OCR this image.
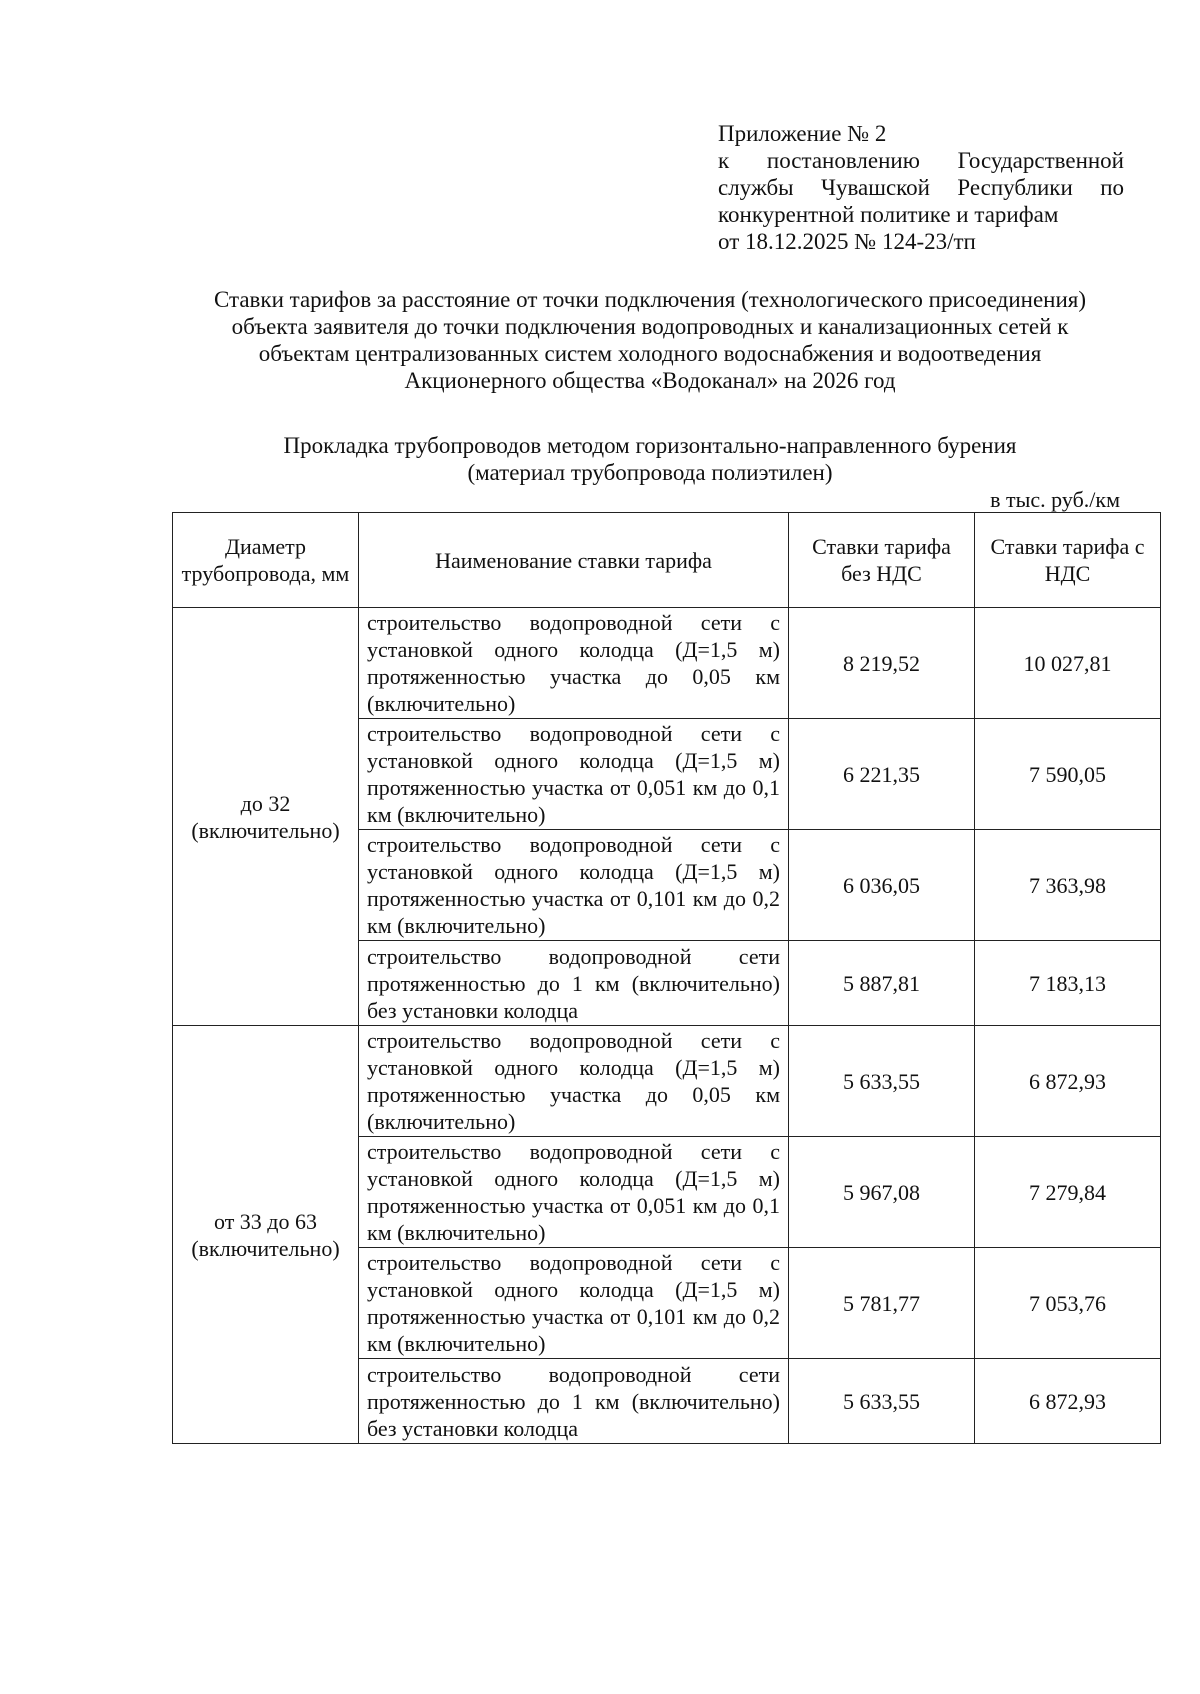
Приложение № 2
к постановлению Государственной
службы Чувашской Республики по
конкурентной политике и тарифам
от 18.12.2025 № 124-23/тп
Ставки тарифов за расстояние от точки подключения (технологического присоединения)
объекта заявителя до точки подключения водопроводных и канализационных сетей к
объектам централизованных систем холодного водоснабжения и водоотведения
Акционерного общества «Водоканал» на 2026 год
Прокладка трубопроводов методом горизонтально-направленного бурения
(материал трубопровода полиэтилен)
в тыс. руб./км
Диаметр трубопровода, мм	Наименование ставки тарифа	Ставки тарифа без НДС	Ставки тарифа с НДС
до 32 (включительно)	строительство водопроводной сети с установкой одного колодца (Д=1,5 м) протяженностью участка до 0,05 км (включительно)	8 219,52	10 027,81
	строительство водопроводной сети с установкой одного колодца (Д=1,5 м) протяженностью участка от 0,051 км до 0,1 км (включительно)	6 221,35	7 590,05
	строительство водопроводной сети с установкой одного колодца (Д=1,5 м) протяженностью участка от 0,101 км до 0,2 км (включительно)	6 036,05	7 363,98
	строительство водопроводной сети протяженностью до 1 км (включительно) без установки колодца	5 887,81	7 183,13
от 33 до 63 (включительно)	строительство водопроводной сети с установкой одного колодца (Д=1,5 м) протяженностью участка до 0,05 км (включительно)	5 633,55	6 872,93
	строительство водопроводной сети с установкой одного колодца (Д=1,5 м) протяженностью участка от 0,051 км до 0,1 км (включительно)	5 967,08	7 279,84
	строительство водопроводной сети с установкой одного колодца (Д=1,5 м) протяженностью участка от 0,101 км до 0,2 км (включительно)	5 781,77	7 053,76
	строительство водопроводной сети протяженностью до 1 км (включительно) без установки колодца	5 633,55	6 872,93
